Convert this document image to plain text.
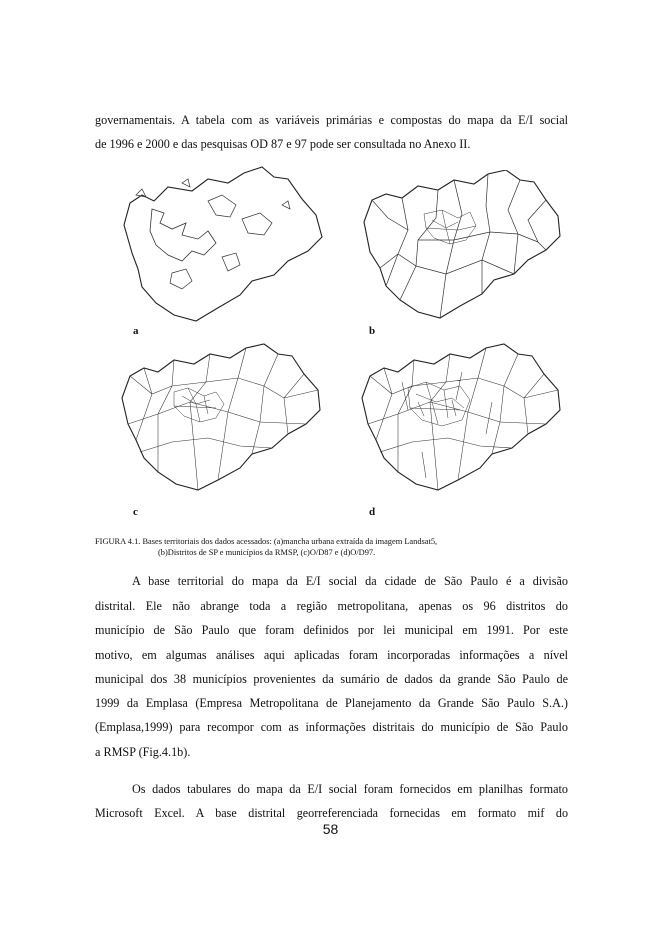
governamentais. A tabela com as variáveis primárias e compostas do mapa da E/I social
de 1996 e 2000 e das pesquisas OD 87 e 97 pode ser consultada no Anexo II.
a	b
c	d
FIGURA 4.1. Bases territoriais dos dados acessados: (a)mancha urbana extraída da imagem Landsat5,
(b)Distritos de SP e municípios da RMSP, (c)O/D87 e (d)O/D97.
A base territorial do mapa da E/I social da cidade de São Paulo é a divisão
distrital. Ele não abrange toda a região metropolitana, apenas os 96 distritos do
município de São Paulo que foram definidos por lei municipal em 1991. Por este
motivo, em algumas análises aqui aplicadas foram incorporadas informações a nível
municipal dos 38 municípios provenientes da sumário de dados da grande São Paulo de
1999 da Emplasa (Empresa Metropolitana de Planejamento da Grande São Paulo S.A.)
(Emplasa,1999) para recompor com as informações distritais do município de São Paulo
a RMSP (Fig.4.1b).
Os dados tabulares do mapa da E/I social foram fornecidos em planilhas formato
Microsoft Excel. A base distrital georreferenciada fornecidas em formato mif do
58
